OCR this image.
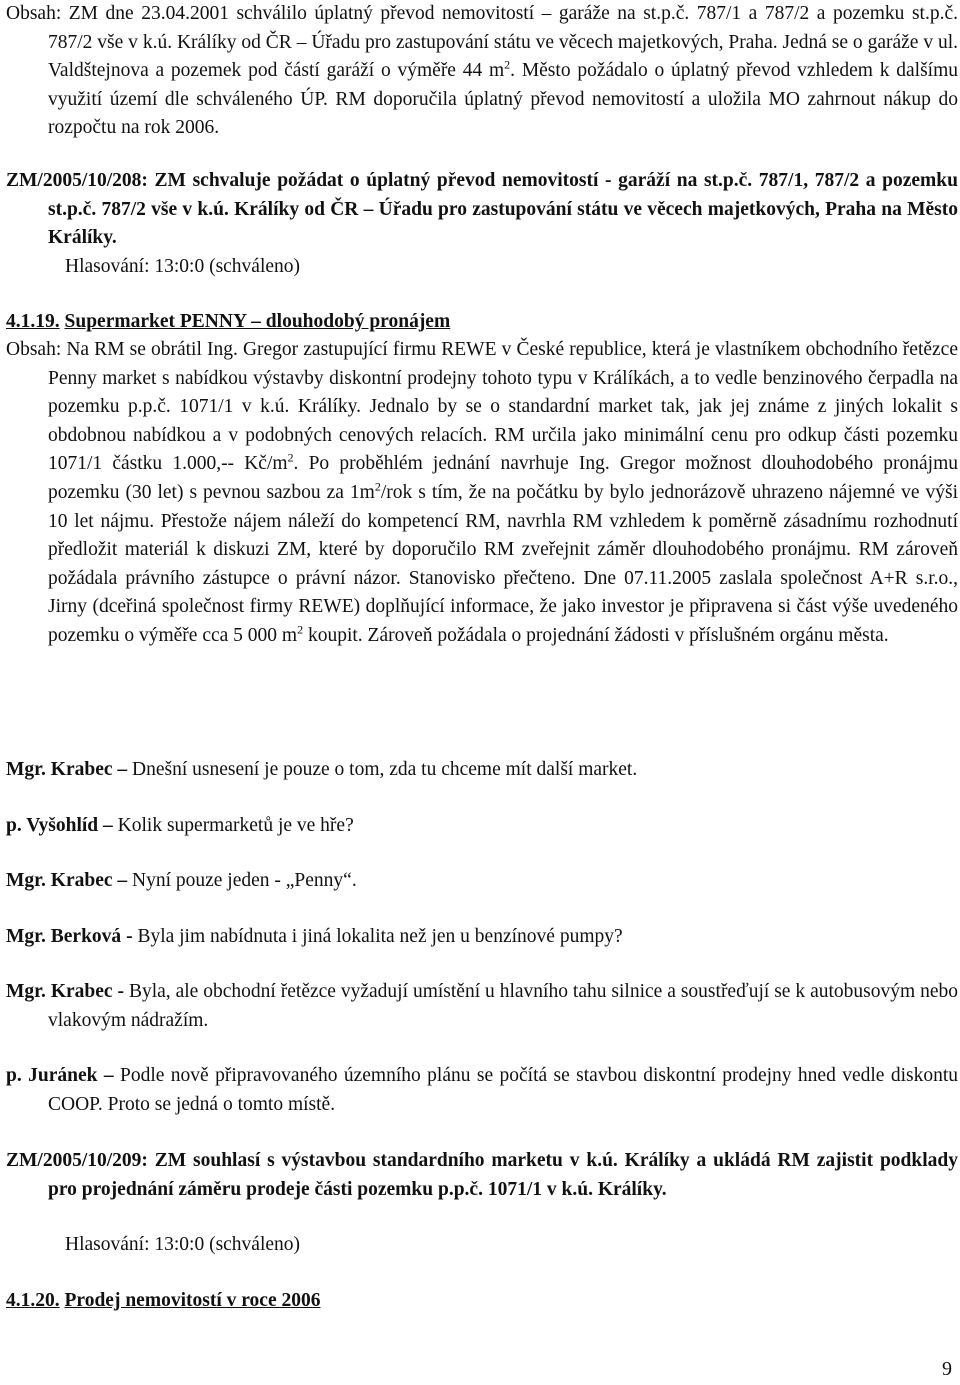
Obsah: ZM dne 23.04.2001 schválilo úplatný převod nemovitostí – garáže na st.p.č. 787/1 a 787/2 a pozemku st.p.č. 787/2 vše v k.ú. Králíky od ČR – Úřadu pro zastupování státu ve věcech majetkových, Praha. Jedná se o garáže v ul. Valdštejnova a pozemek pod částí garáží o výměře 44 $m^2$. Město požádalo o úplatný převod vzhledem k dalšímu využití území dle schváleného ÚP. RM doporučila úplatný převod nemovitostí a uložila MO zahrnout nákup do rozpočtu na rok 2006.

ZM/2005/10/208: ZM schvaluje požádat o úplatný převod nemovitostí - garáží na st.p.č. 787/1, 787/2 a pozemku st.p.č. 787/2 vše v k.ú. Králíky od ČR – Úřadu pro zastupování státu ve věcech majetkových, Praha na Město Králíky.

Hlasování: 13:0:0 (schváleno)

4.1.19. Supermarket PENNY – dlouhodobý pronájem

Obsah: Na RM se obrátil Ing. Gregor zastupující firmu REWE v České republice, která je vlastníkem obchodního řetězce Penny market s nabídkou výstavby diskontní prodejny tohoto typu v Králíkách, a to vedle benzinového čerpadla na pozemku p.p.č. 1071/1 v k.ú. Králíky. Jednalo by se o standardní market tak, jak jej známe z jiných lokalit s obdobnou nabídkou a v podobných cenových relacích. RM určila jako minimální cenu pro odkup části pozemku 1071/1 částku 1.000,-- $Kč/m^2$. Po proběhlém jednání navrhuje Ing. Gregor možnost dlouhodobého pronájmu pozemku (30 let) s pevnou sazbou za $1m^2$/rok s tím, že na počátku by bylo jednorázově uhrazeno nájemné ve výši 10 let nájmu. Přestože nájem náleží do kompetencí RM, navrhla RM vzhledem k poměrně zásadnímu rozhodnutí předložit materiál k diskuzi ZM, které by doporučilo RM zveřejnit záměr dlouhodobého pronájmu. RM zároveň požádala právního zástupce o právní názor. Stanovisko přečteno. Dne 07.11.2005 zaslala společnost A+R s.r.o., Jirny (dceřiná společnost firmy REWE) doplňující informace, že jako investor je připravena si část výše uvedeného pozemku o výměře cca 5 000 $m^2$ koupit. Zároveň požádala o projednání žádosti v příslušném orgánu města.

Mgr. Krabec – Dnešní usnesení je pouze o tom, zda tu chceme mít další market.

p. Vyšohlíd – Kolik supermarketů je ve hře?

Mgr. Krabec – Nyní pouze jeden - „Penny“.

Mgr. Berková - Byla jim nabídnuta i jiná lokalita než jen u benzínové pumpy?

Mgr. Krabec - Byla, ale obchodní řetězce vyžadují umístění u hlavního tahu silnice a soustřeďují se k autobusovým nebo vlakovým nádražím.

p. Juránek – Podle nově připravovaného územního plánu se počítá se stavbou diskontní prodejny hned vedle diskontu COOP. Proto se jedná o tomto místě.

ZM/2005/10/209: ZM souhlasí s výstavbou standardního marketu v k.ú. Králíky a ukládá RM zajistit podklady pro projednání záměru prodeje části pozemku p.p.č. 1071/1 v k.ú. Králíky.

Hlasování: 13:0:0 (schváleno)

4.1.20. Prodej nemovitostí v roce 2006

9
